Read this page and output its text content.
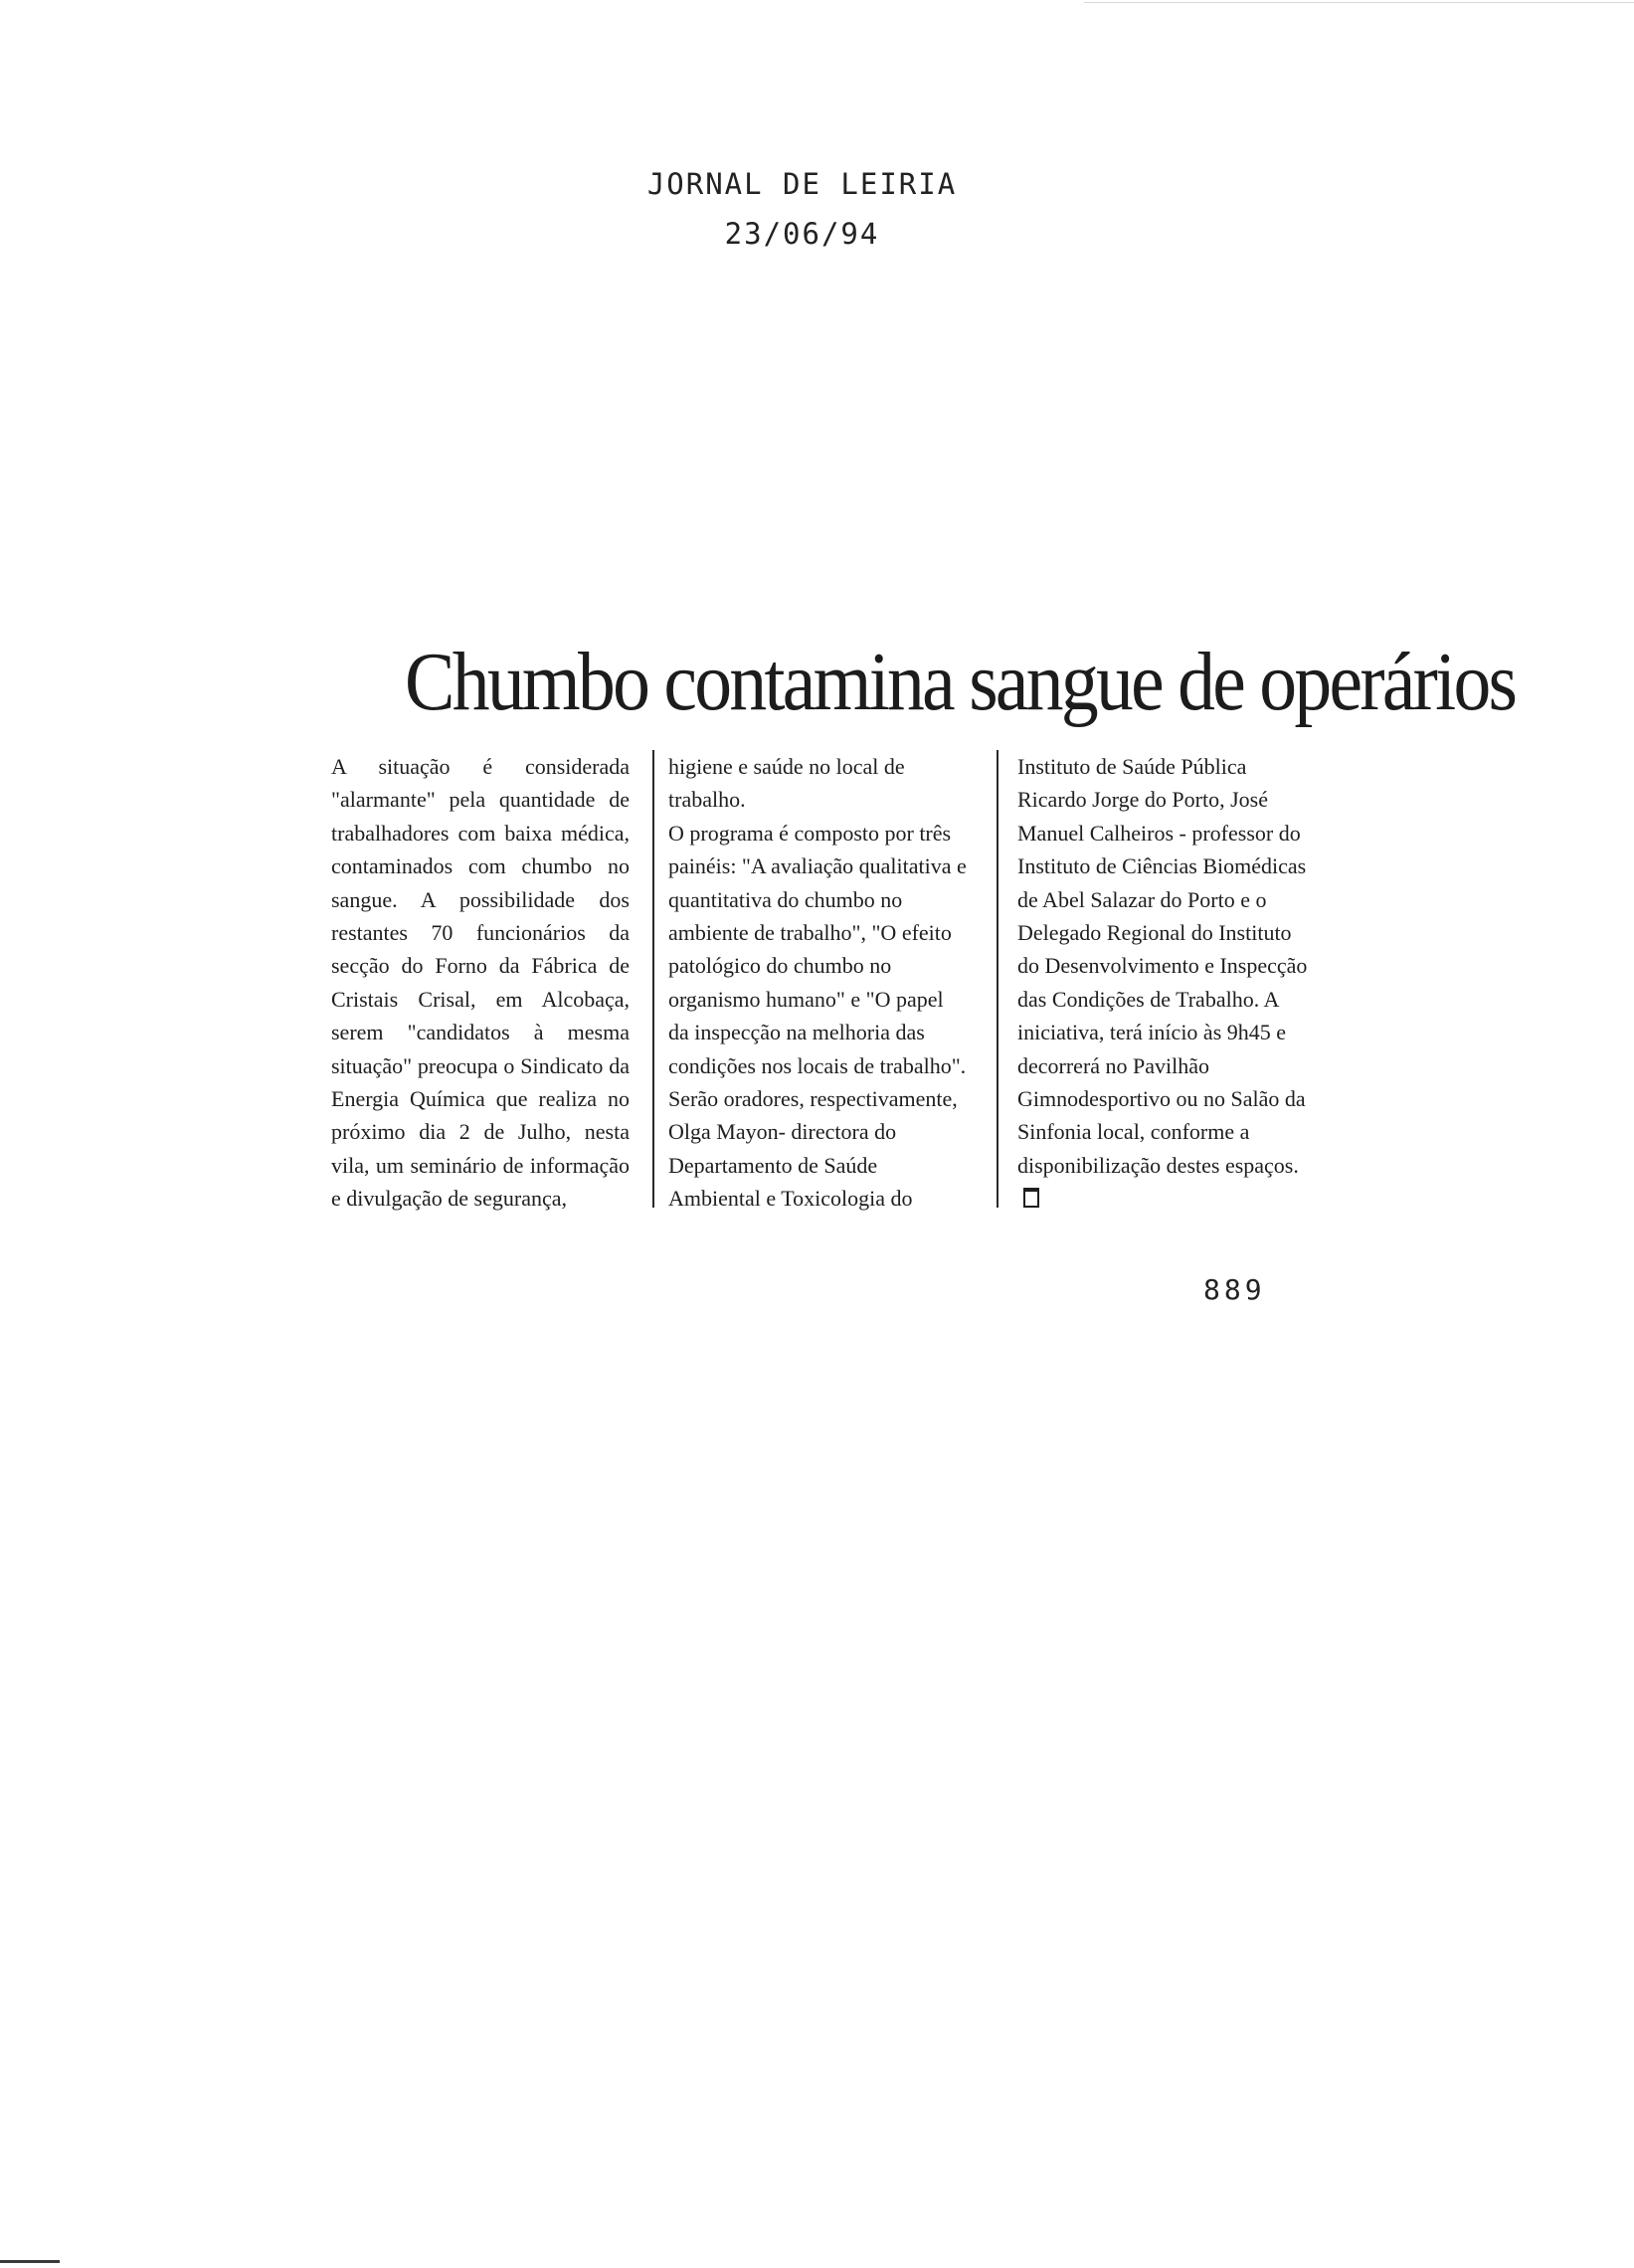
JORNAL DE LEIRIA
23/06/94
Chumbo contamina sangue de operários
A situação é considerada "alarmante" pela quantidade de trabalhadores com baixa médica, contaminados com chumbo no sangue. A possibilidade dos restantes 70 funcionários da secção do Forno da Fábrica de Cristais Crisal, em Alcobaça, serem "candidatos à mesma situação" preocupa o Sindicato da Energia Química que realiza no próximo dia 2 de Julho, nesta vila, um seminário de informação e divulgação de segurança,
higiene e saúde no local de trabalho.
O programa é composto por três painéis: "A avaliação qualitativa e quantitativa do chumbo no ambiente de trabalho", "O efeito patológico do chumbo no organismo humano" e "O papel da inspecção na melhoria das condições nos locais de trabalho". Serão oradores, respectivamente, Olga Mayon- directora do Departamento de Saúde Ambiental e Toxicologia do
Instituto de Saúde Pública Ricardo Jorge do Porto, José Manuel Calheiros - professor do Instituto de Ciências Biomédicas de Abel Salazar do Porto e o Delegado Regional do Instituto do Desenvolvimento e Inspecção das Condições de Trabalho. A iniciativa, terá início às 9h45 e decorrerá no Pavilhão Gimnodesportivo ou no Salão da Sinfonia local, conforme a disponibilização destes espaços.
889
